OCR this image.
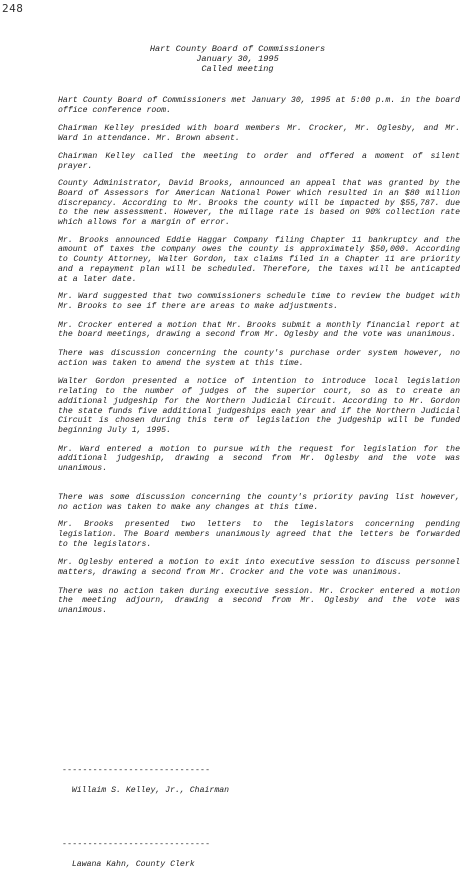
248
Hart County Board of Commissioners
January 30, 1995
Called meeting

Hart County Board of Commissioners met January 30, 1995 at 5:00 p.m. in the board office conference room.

Chairman Kelley presided with board members Mr. Crocker, Mr. Oglesby, and Mr. Ward in attendance. Mr. Brown absent.

Chairman Kelley called the meeting to order and offered a moment of silent prayer.

County Administrator, David Brooks, announced an appeal that was granted by the Board of Assessors for American National Power which resulted in an $80 million discrepancy. According to Mr. Brooks the county will be impacted by $55,787. due to the new assessment. However, the millage rate is based on 90% collection rate which allows for a margin of error.

Mr. Brooks announced Eddie Haggar Company filing Chapter 11 bankruptcy and the amount of taxes the company owes the county is approximately $50,000. According to County Attorney, Walter Gordon, tax claims filed in a Chapter 11 are priority and a repayment plan will be scheduled. Therefore, the taxes will be anticapted at a later date.

Mr. Ward suggested that two commissioners schedule time to review the budget with Mr. Brooks to see if there are areas to make adjustments.

Mr. Crocker entered a motion that Mr. Brooks submit a monthly financial report at the board meetings, drawing a second from Mr. Oglesby and the vote was unanimous.

There was discussion concerning the county's purchase order system however, no action was taken to amend the system at this time.

Walter Gordon presented a notice of intention to introduce local legislation relating to the number of judges of the superior court, so as to create an additional judgeship for the Northern Judicial Circuit. According to Mr. Gordon the state funds five additional judgeships each year and if the Northern Judicial Circuit is chosen during this term of legislation the judgeship will be funded beginning July 1, 1995.

Mr. Ward entered a motion to pursue with the request for legislation for the additional judgeship, drawing a second from Mr. Oglesby and the vote was unanimous.

There was some discussion concerning the county's priority paving list however, no action was taken to make any changes at this time.

Mr. Brooks presented two letters to the legislators concerning pending legislation. The Board members unanimously agreed that the letters be forwarded to the legislators.

Mr. Oglesby entered a motion to exit into executive session to discuss personnel matters, drawing a second from Mr. Crocker and the vote was unanimous.

There was no action taken during executive session. Mr. Crocker entered a motion the meeting adjourn, drawing a second from Mr. Oglesby and the vote was unanimous.

-----------------------------

Willaim S. Kelley, Jr., Chairman

-----------------------------

Lawana Kahn, County Clerk
